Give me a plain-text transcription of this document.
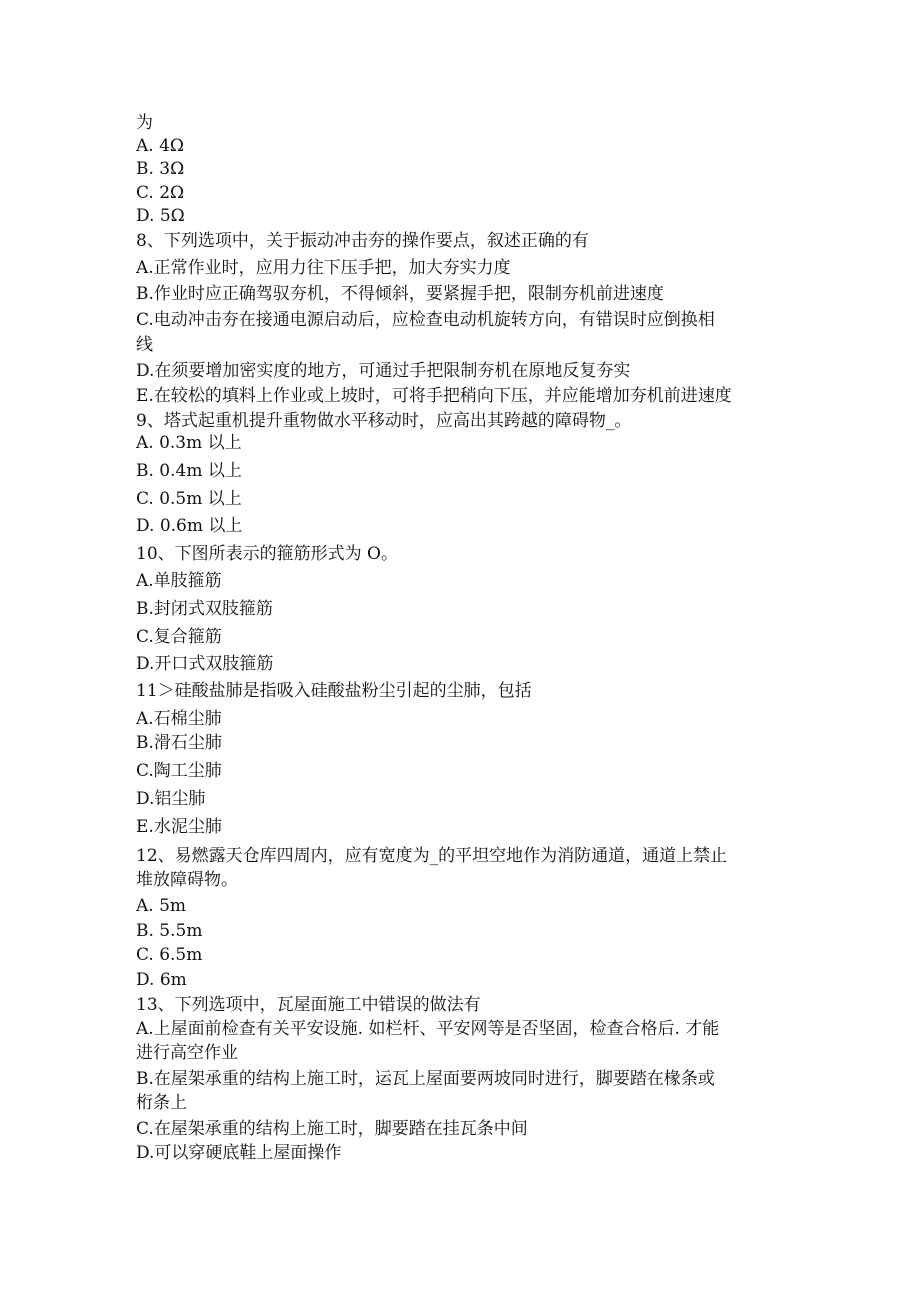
为
A. 4Ω
B. 3Ω
C. 2Ω
D. 5Ω
8、下列选项中，关于振动冲击夯的操作要点，叙述正确的有
A.正常作业时，应用力往下压手把，加大夯实力度
B.作业时应正确驾驭夯机，不得倾斜，要紧握手把，限制夯机前进速度
C.电动冲击夯在接通电源启动后，应检查电动机旋转方向，有错误时应倒换相
线
D.在须要增加密实度的地方，可通过手把限制夯机在原地反复夯实
E.在较松的填料上作业或上坡时，可将手把稍向下压，并应能增加夯机前进速度
9、塔式起重机提升重物做水平移动时，应高出其跨越的障碍物_。
A. 0.3m 以上
B. 0.4m 以上
C. 0.5m 以上
D. 0.6m 以上
10、下图所表示的箍筋形式为 O。
A.单肢箍筋
B.封闭式双肢箍筋
C.复合箍筋
D.开口式双肢箍筋
11＞硅酸盐肺是指吸入硅酸盐粉尘引起的尘肺，包括
A.石棉尘肺
B.滑石尘肺
C.陶工尘肺
D.铝尘肺
E.水泥尘肺
12、易燃露天仓库四周内，应有宽度为_的平坦空地作为消防通道，通道上禁止
堆放障碍物。
A. 5m
B. 5.5m
C. 6.5m
D. 6m
13、下列选项中，瓦屋面施工中错误的做法有
A.上屋面前检查有关平安设施. 如栏杆、平安网等是否坚固，检查合格后. 才能
进行高空作业
B.在屋架承重的结构上施工时，运瓦上屋面要两坡同时进行，脚要踏在椽条或
桁条上
C.在屋架承重的结构上施工时，脚要踏在挂瓦条中间
D.可以穿硬底鞋上屋面操作
